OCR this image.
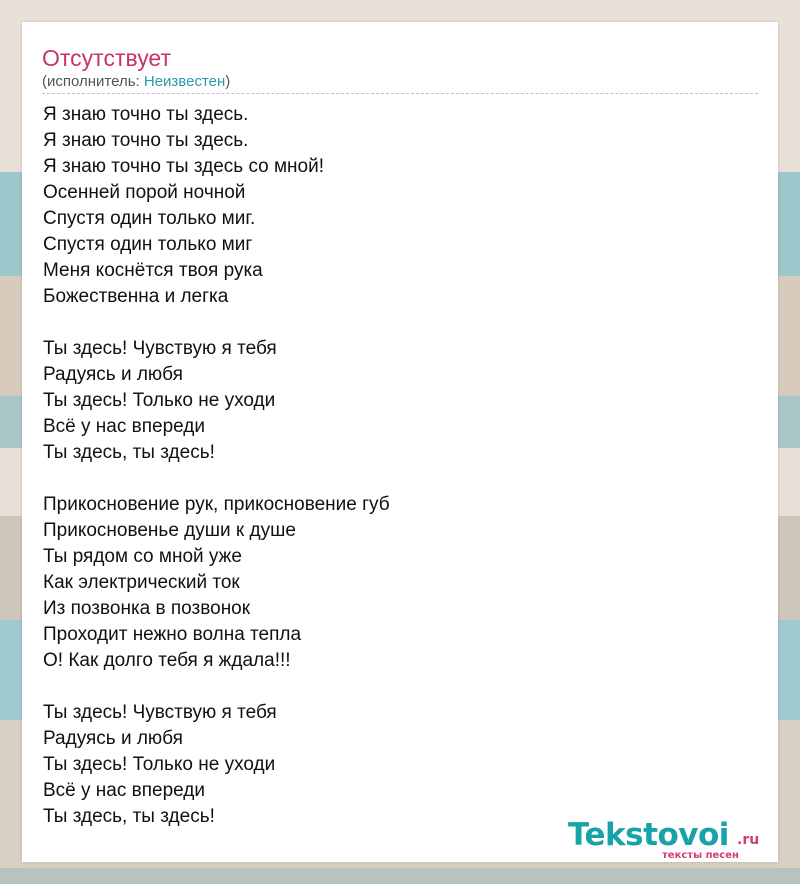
Отсутствует
(исполнитель: Неизвестен)
Я знаю точно ты здесь.
Я знаю точно ты здесь.
Я знаю точно ты здесь со мной!
Осенней порой ночной
Спустя один только миг.
Спустя один только миг
Меня коснётся твоя рука
Божественна и легка
Ты здесь! Чувствую я тебя
Радуясь и любя
Ты здесь! Только не уходи
Всё у нас впереди
Ты здесь, ты здесь!
Прикосновение рук, прикосновение губ
Прикосновенье души к душе
Ты рядом со мной уже
Как электрический ток
Из позвонка в позвонок
Проходит нежно волна тепла
О! Как долго тебя я ждала!!!
Ты здесь! Чувствую я тебя
Радуясь и любя
Ты здесь! Только не уходи
Всё у нас впереди
Ты здесь, ты здесь!
Tekstovoi .ru
тексты песен
